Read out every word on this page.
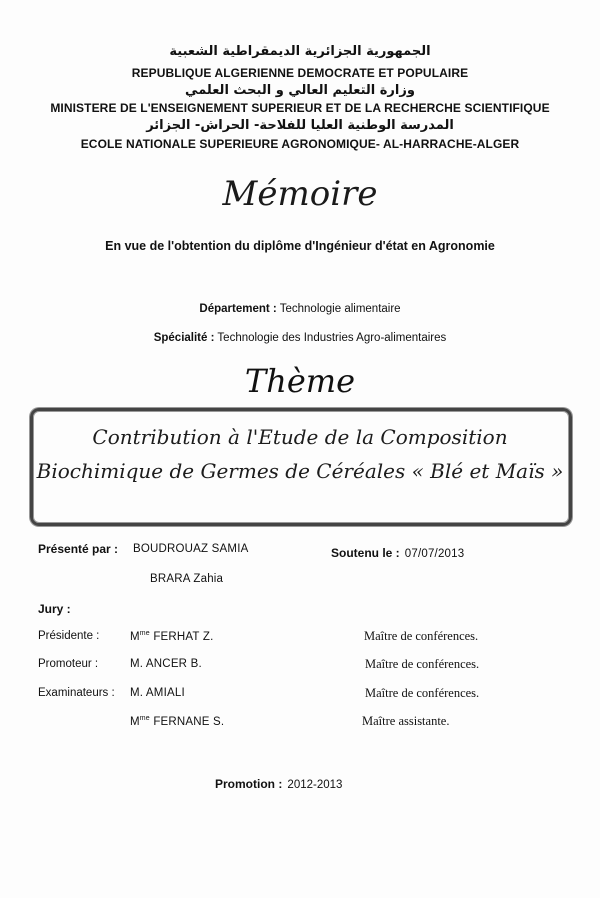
الجمهورية الجزائرية الديمقراطية الشعبية
REPUBLIQUE ALGERIENNE DEMOCRATE ET POPULAIRE
وزارة التعليم العالي و البحث العلمي
MINISTERE DE L'ENSEIGNEMENT SUPERIEUR ET DE LA RECHERCHE SCIENTIFIQUE
المدرسة الوطنية العليا للفلاحة- الحراش- الجزائر
ECOLE NATIONALE SUPERIEURE AGRONOMIQUE- AL-HARRACHE-ALGER
Mémoire
En vue de l'obtention du diplôme d'Ingénieur d'état en Agronomie
Département : Technologie alimentaire
Spécialité : Technologie des Industries Agro-alimentaires
Thème
Contribution à l'Etude de la Composition
Biochimique de Germes de Céréales « Blé et Maïs »
Présenté par : BOUDROUAZ SAMIA	Soutenu le : 07/07/2013
BRARA Zahia
Jury :
Présidente :	$M^{me}$ FERHAT Z.	Maître de conférences.
Promoteur :	M. ANCER B.	Maître de conférences.
Examinateurs : M. AMIALI	Maître de conférences.
$M^{me}$ FERNANE S.	Maître assistante.
Promotion : 2012-2013
